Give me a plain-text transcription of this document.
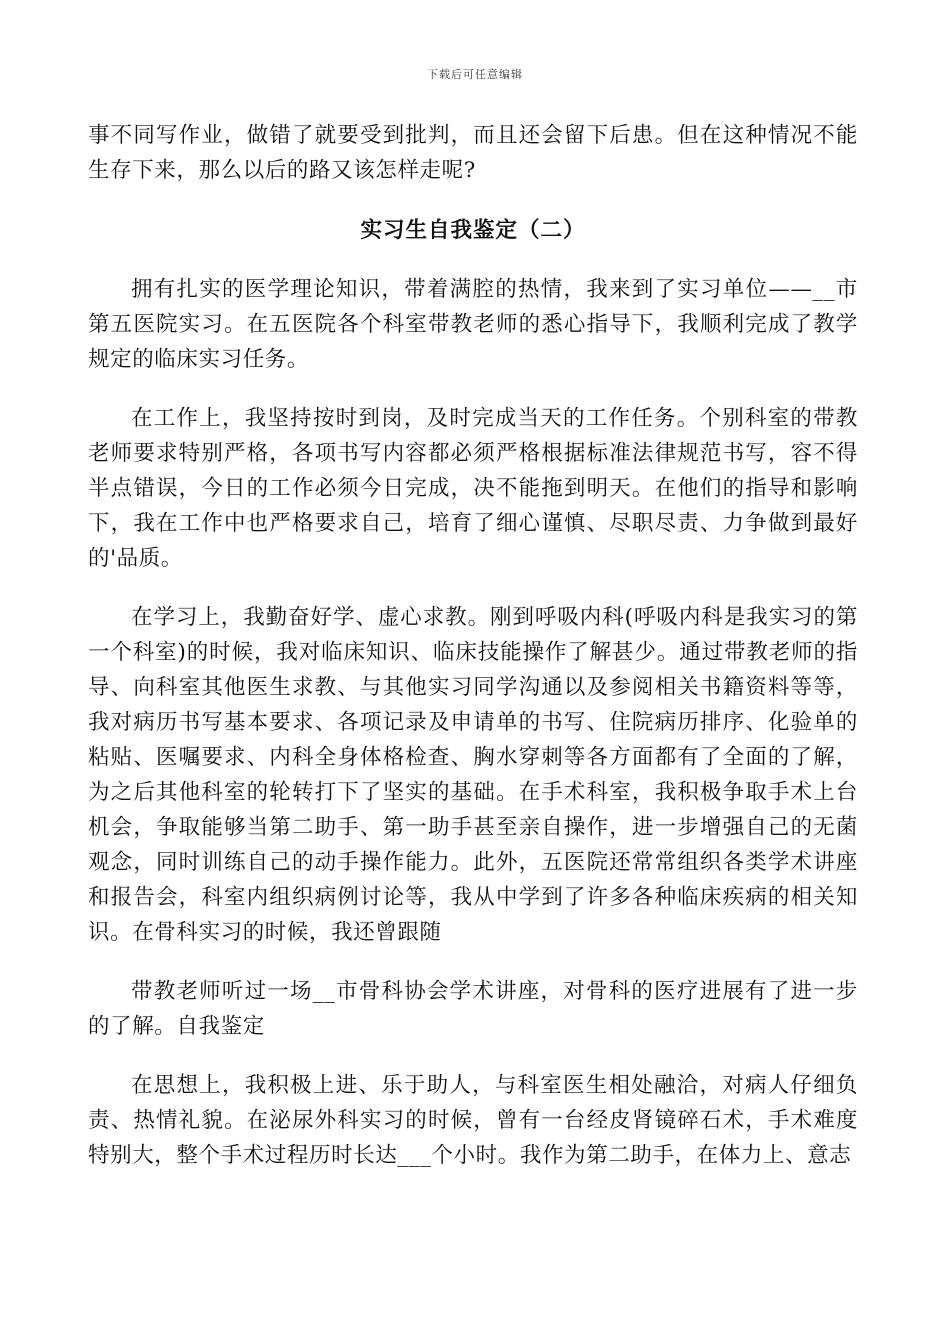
下载后可任意编辑

事不同写作业，做错了就要受到批判，而且还会留下后患。但在这种情况不能生存下来，那么以后的路又该怎样走呢?

实习生自我鉴定（二）

拥有扎实的医学理论知识，带着满腔的热情，我来到了实习单位——__市第五医院实习。在五医院各个科室带教老师的悉心指导下，我顺利完成了教学规定的临床实习任务。

在工作上，我坚持按时到岗，及时完成当天的工作任务。个别科室的带教老师要求特别严格，各项书写内容都必须严格根据标准法律规范书写，容不得半点错误，今日的工作必须今日完成，决不能拖到明天。在他们的指导和影响下，我在工作中也严格要求自己，培育了细心谨慎、尽职尽责、力争做到最好的'品质。

在学习上，我勤奋好学、虚心求教。刚到呼吸内科(呼吸内科是我实习的第一个科室)的时候，我对临床知识、临床技能操作了解甚少。通过带教老师的指导、向科室其他医生求教、与其他实习同学沟通以及参阅相关书籍资料等等，我对病历书写基本要求、各项记录及申请单的书写、住院病历排序、化验单的粘贴、医嘱要求、内科全身体格检查、胸水穿刺等各方面都有了全面的了解，为之后其他科室的轮转打下了坚实的基础。在手术科室，我积极争取手术上台机会，争取能够当第二助手、第一助手甚至亲自操作，进一步增强自己的无菌观念，同时训练自己的动手操作能力。此外，五医院还常常组织各类学术讲座和报告会，科室内组织病例讨论等，我从中学到了许多各种临床疾病的相关知识。在骨科实习的时候，我还曾跟随

带教老师听过一场__市骨科协会学术讲座，对骨科的医疗进展有了进一步的了解。自我鉴定

在思想上，我积极上进、乐于助人，与科室医生相处融洽，对病人仔细负责、热情礼貌。在泌尿外科实习的时候，曾有一台经皮肾镜碎石术，手术难度特别大，整个手术过程历时长达___个小时。我作为第二助手，在体力上、意志
